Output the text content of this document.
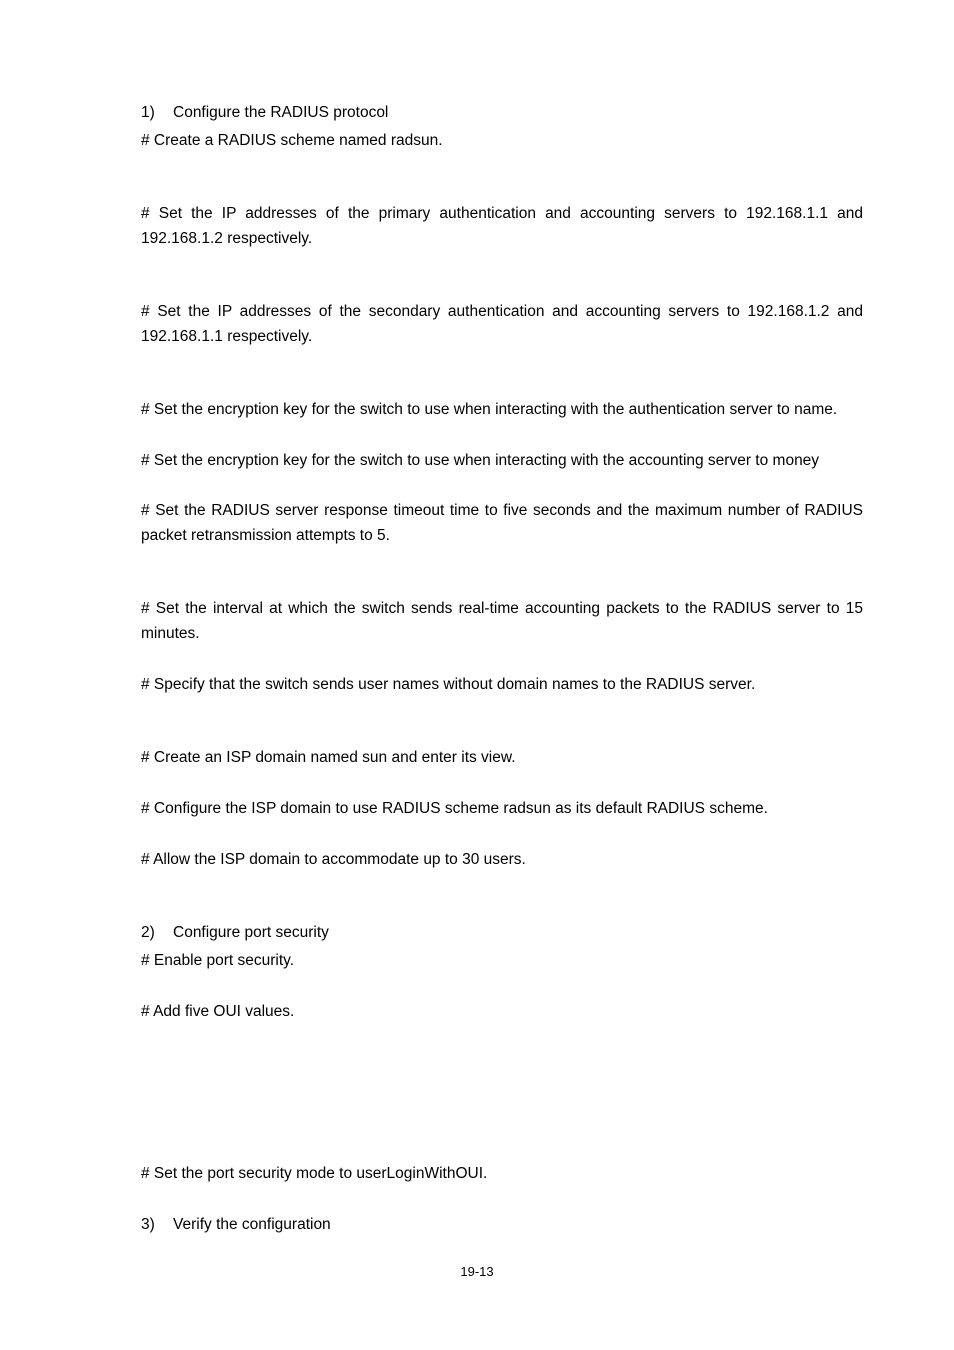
1) Configure the RADIUS protocol
# Create a RADIUS scheme named radsun.
# Set the IP addresses of the primary authentication and accounting servers to 192.168.1.1 and 192.168.1.2 respectively.
# Set the IP addresses of the secondary authentication and accounting servers to 192.168.1.2 and 192.168.1.1 respectively.
# Set the encryption key for the switch to use when interacting with the authentication server to name.
# Set the encryption key for the switch to use when interacting with the accounting server to money
# Set the RADIUS server response timeout time to five seconds and the maximum number of RADIUS packet retransmission attempts to 5.
# Set the interval at which the switch sends real-time accounting packets to the RADIUS server to 15 minutes.
# Specify that the switch sends user names without domain names to the RADIUS server.
# Create an ISP domain named sun and enter its view.
# Configure the ISP domain to use RADIUS scheme radsun as its default RADIUS scheme.
# Allow the ISP domain to accommodate up to 30 users.
2) Configure port security
# Enable port security.
# Add five OUI values.
# Set the port security mode to userLoginWithOUI.
3) Verify the configuration
19-13
